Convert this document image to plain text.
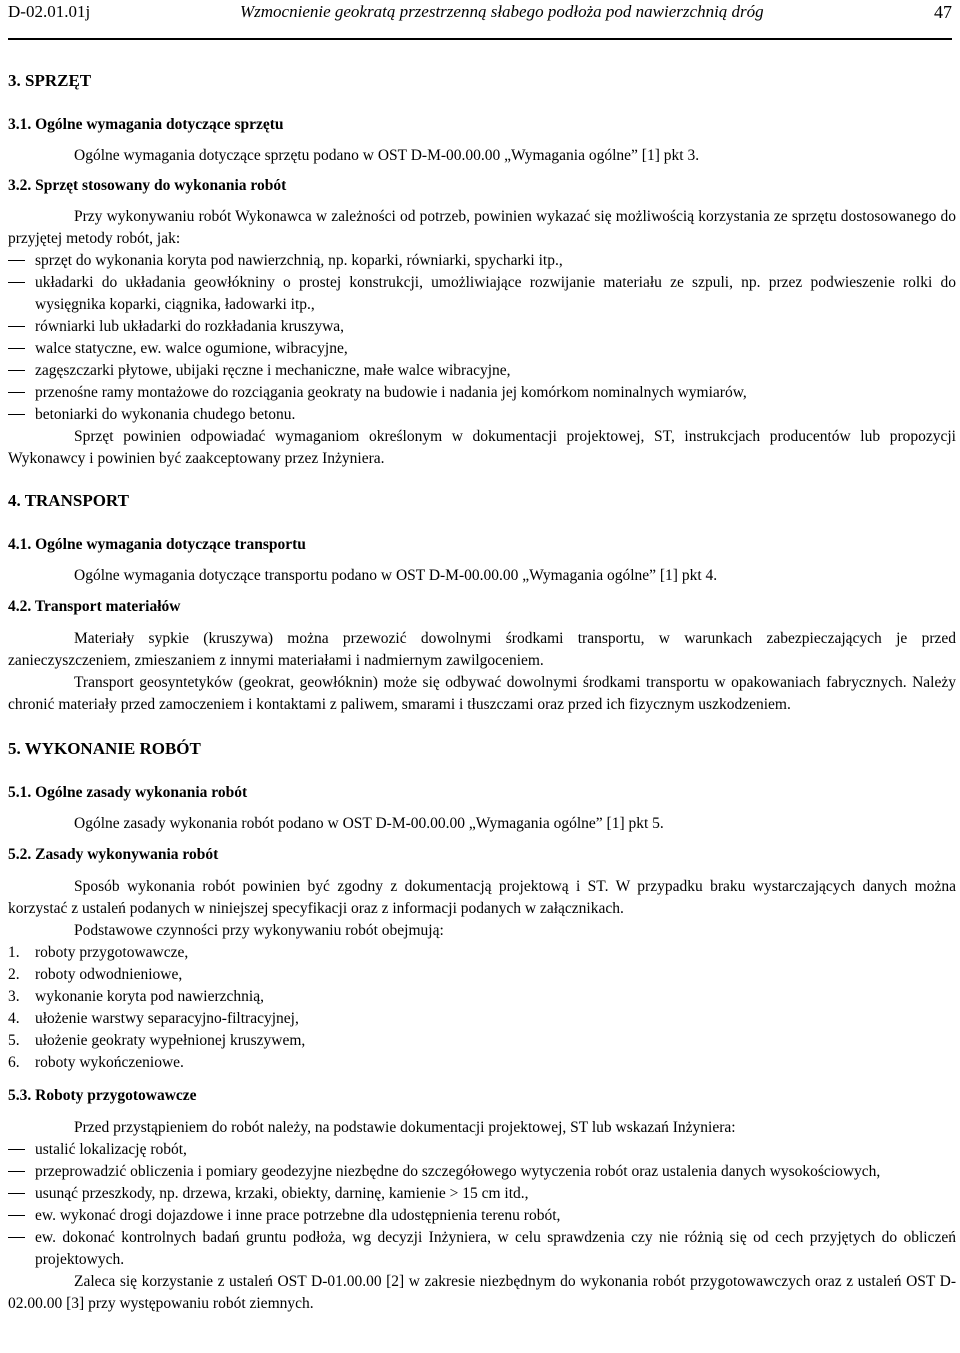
D-02.01.01j	Wzmocnienie geokratą przestrzenną słabego podłoża pod nawierzchnią dróg	47

3. SPRZĘT

3.1. Ogólne wymagania dotyczące sprzętu

Ogólne wymagania dotyczące sprzętu podano w OST D-M-00.00.00 „Wymagania ogólne” [1] pkt 3.

3.2. Sprzęt stosowany do wykonania robót

Przy wykonywaniu robót Wykonawca w zależności od potrzeb, powinien wykazać się możliwością korzystania ze sprzętu dostosowanego do przyjętej metody robót, jak:

sprzęt do wykonania koryta pod nawierzchnią, np. koparki, równiarki, spycharki itp.,
układarki do układania geowłókniny o prostej konstrukcji, umożliwiające rozwijanie materiału ze szpuli, np. przez podwieszenie rolki do wysięgnika koparki, ciągnika, ładowarki itp.,
równiarki lub układarki do rozkładania kruszywa,
walce statyczne, ew. walce ogumione, wibracyjne,
zagęszczarki płytowe, ubijaki ręczne i mechaniczne, małe walce wibracyjne,
przenośne ramy montażowe do rozciągania geokraty na budowie i nadania jej komórkom nominalnych wymiarów,
betoniarki do wykonania chudego betonu.

Sprzęt powinien odpowiadać wymaganiom określonym w dokumentacji projektowej, ST, instrukcjach producentów lub propozycji Wykonawcy i powinien być zaakceptowany przez Inżyniera.

4. TRANSPORT

4.1. Ogólne wymagania dotyczące transportu

Ogólne wymagania dotyczące transportu podano w OST D-M-00.00.00 „Wymagania ogólne” [1] pkt 4.

4.2. Transport materiałów

Materiały sypkie (kruszywa) można przewozić dowolnymi środkami transportu, w warunkach zabezpieczających je przed zanieczyszczeniem, zmieszaniem z innymi materiałami i nadmiernym zawilgoceniem.

Transport geosyntetyków (geokrat, geowłóknin) może się odbywać dowolnymi środkami transportu w opakowaniach fabrycznych. Należy chronić materiały przed zamoczeniem i kontaktami z paliwem, smarami i tłuszczami oraz przed ich fizycznym uszkodzeniem.

5. WYKONANIE ROBÓT

5.1. Ogólne zasady wykonania robót

Ogólne zasady wykonania robót podano w OST D-M-00.00.00 „Wymagania ogólne” [1] pkt 5.

5.2. Zasady wykonywania robót

Sposób wykonania robót powinien być zgodny z dokumentacją projektową i ST. W przypadku braku wystarczających danych można korzystać z ustaleń podanych w niniejszej specyfikacji oraz z informacji podanych w załącznikach.

Podstawowe czynności przy wykonywaniu robót obejmują:

1. roboty przygotowawcze,
2. roboty odwodnieniowe,
3. wykonanie koryta pod nawierzchnią,
4. ułożenie warstwy separacyjno-filtracyjnej,
5. ułożenie geokraty wypełnionej kruszywem,
6. roboty wykończeniowe.

5.3. Roboty przygotowawcze

Przed przystąpieniem do robót należy, na podstawie dokumentacji projektowej, ST lub wskazań Inżyniera:

ustalić lokalizację robót,
przeprowadzić obliczenia i pomiary geodezyjne niezbędne do szczegółowego wytyczenia robót oraz ustalenia danych wysokościowych,
usunąć przeszkody, np. drzewa, krzaki, obiekty, darninę, kamienie > 15 cm itd.,
ew. wykonać drogi dojazdowe i inne prace potrzebne dla udostępnienia terenu robót,
ew. dokonać kontrolnych badań gruntu podłoża, wg decyzji Inżyniera, w celu sprawdzenia czy nie różnią się od cech przyjętych do obliczeń projektowych.

Zaleca się korzystanie z ustaleń OST D-01.00.00 [2] w zakresie niezbędnym do wykonania robót przygotowawczych oraz z ustaleń OST D-02.00.00 [3] przy występowaniu robót ziemnych.
